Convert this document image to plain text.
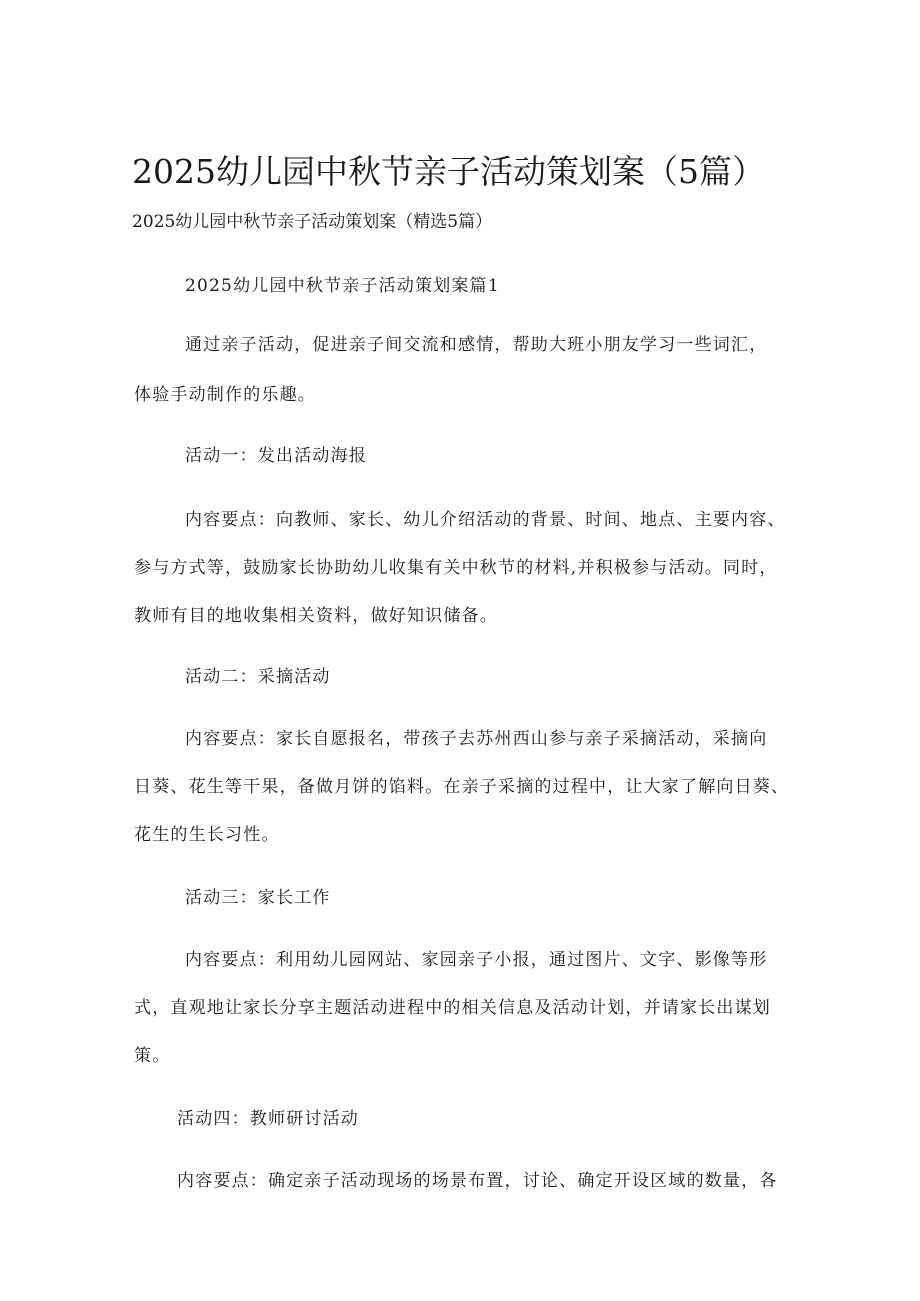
2025幼儿园中秋节亲子活动策划案（5篇）

2025幼儿园中秋节亲子活动策划案（精选5篇）

2025幼儿园中秋节亲子活动策划案篇1

通过亲子活动，促进亲子间交流和感情，帮助大班小朋友学习一些词汇，

体验手动制作的乐趣。

活动一：发出活动海报

内容要点：向教师、家长、幼儿介绍活动的背景、时间、地点、主要内容、

参与方式等，鼓励家长协助幼儿收集有关中秋节的材料,并积极参与活动。同时，

教师有目的地收集相关资料，做好知识储备。

活动二：采摘活动

内容要点：家长自愿报名，带孩子去苏州西山参与亲子采摘活动，采摘向

日葵、花生等干果，备做月饼的馅料。在亲子采摘的过程中，让大家了解向日葵、

花生的生长习性。

活动三：家长工作

内容要点：利用幼儿园网站、家园亲子小报，通过图片、文字、影像等形

式，直观地让家长分享主题活动进程中的相关信息及活动计划，并请家长出谋划

策。

活动四：教师研讨活动

内容要点：确定亲子活动现场的场景布置，讨论、确定开设区域的数量，各
